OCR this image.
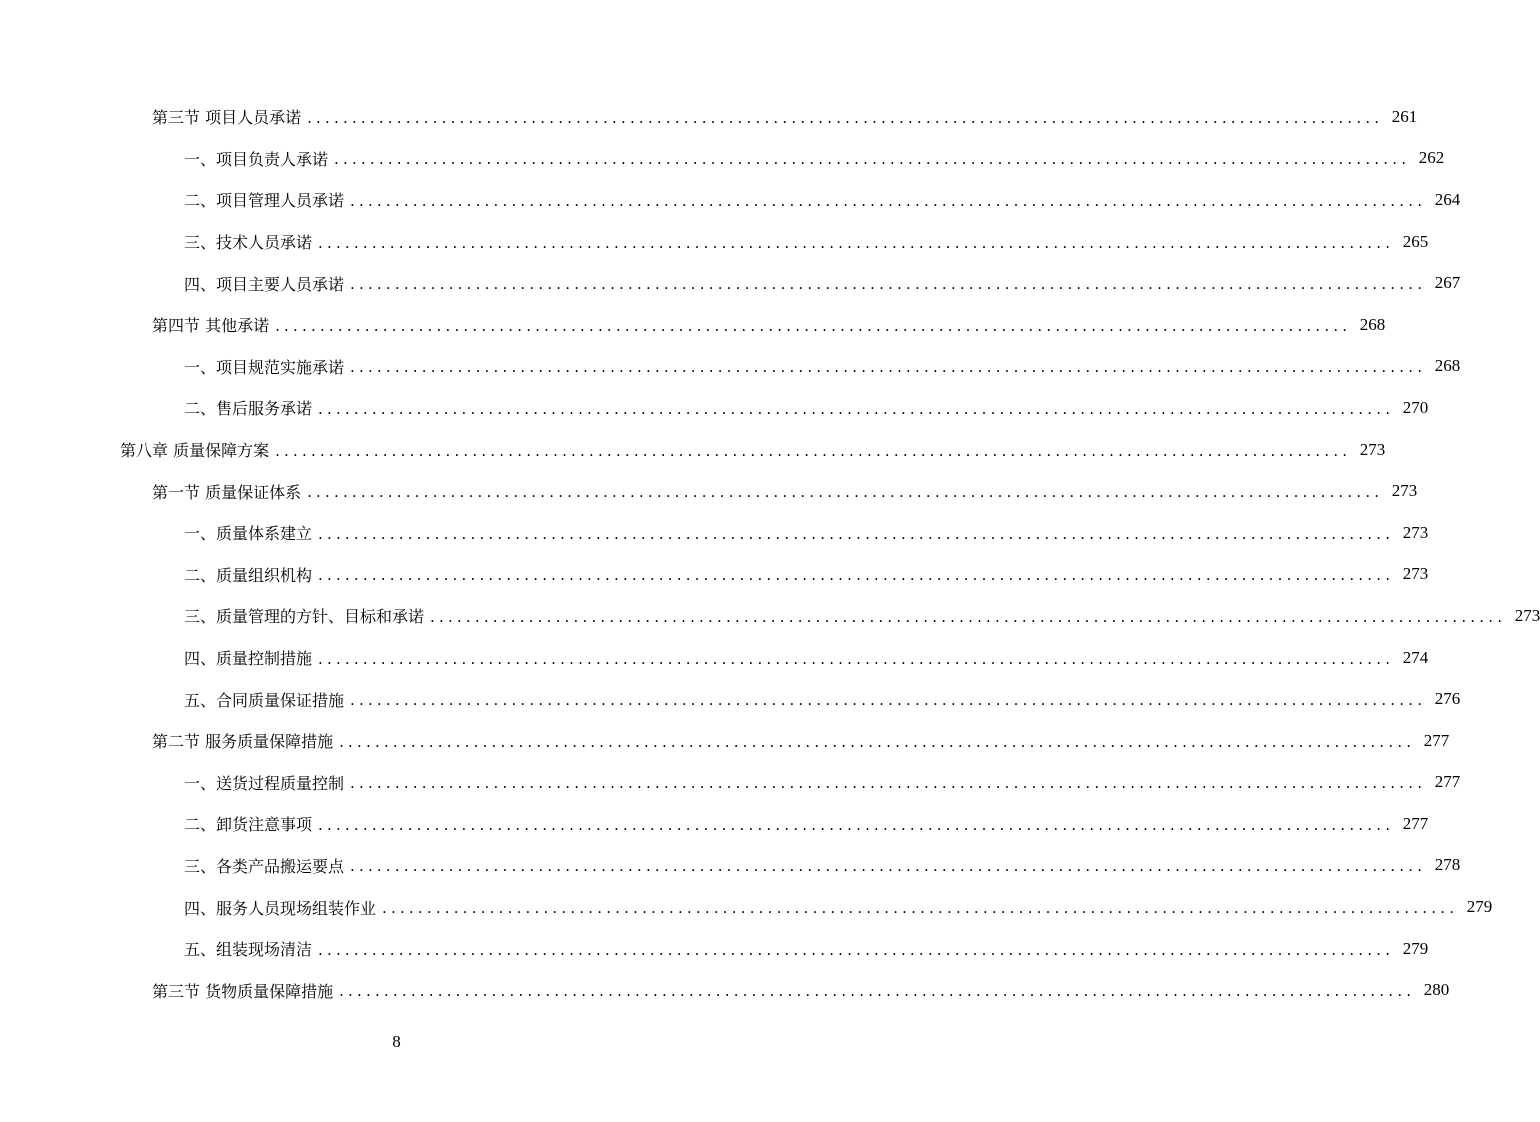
第三节 项目人员承诺 ........................................................................................................................ 261
一、项目负责人承诺 ........................................................................................................................ 262
二、项目管理人员承诺 ........................................................................................................................ 264
三、技术人员承诺 ........................................................................................................................ 265
四、项目主要人员承诺 ........................................................................................................................ 267
第四节 其他承诺 ........................................................................................................................ 268
一、项目规范实施承诺 ........................................................................................................................ 268
二、售后服务承诺 ........................................................................................................................ 270
第八章 质量保障方案 ........................................................................................................................ 273
第一节 质量保证体系 ........................................................................................................................ 273
一、质量体系建立 ........................................................................................................................ 273
二、质量组织机构 ........................................................................................................................ 273
三、质量管理的方针、目标和承诺 ........................................................................................................................ 273
四、质量控制措施 ........................................................................................................................ 274
五、合同质量保证措施 ........................................................................................................................ 276
第二节 服务质量保障措施 ........................................................................................................................ 277
一、送货过程质量控制 ........................................................................................................................ 277
二、卸货注意事项 ........................................................................................................................ 277
三、各类产品搬运要点 ........................................................................................................................ 278
四、服务人员现场组装作业 ........................................................................................................................ 279
五、组装现场清洁 ........................................................................................................................ 279
第三节 货物质量保障措施 ........................................................................................................................ 280
8
